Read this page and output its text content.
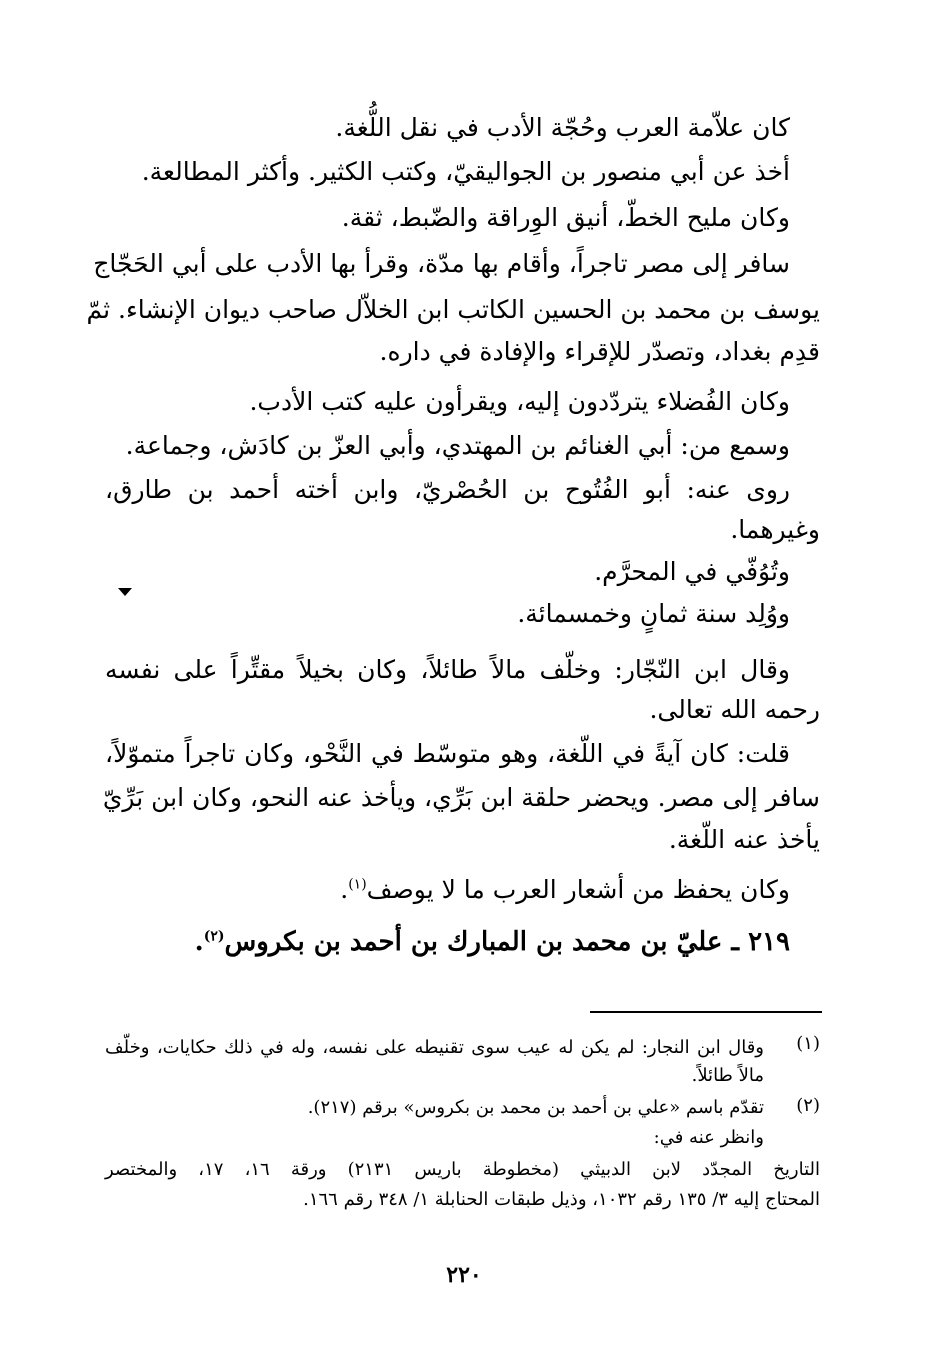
كان علاّمة العرب وحُجّة الأدب في نقل اللُّغة.
أخذ عن أبي منصور بن الجواليقيّ، وكتب الكثير. وأكثر المطالعة.
وكان مليح الخطّ، أنيق الوِراقة والضّبط، ثقة.
سافر إلى مصر تاجراً، وأقام بها مدّة، وقرأ بها الأدب على أبي الحَجّاج
يوسف بن محمد بن الحسين الكاتب ابن الخلاّل صاحب ديوان الإنشاء. ثمّ
قدِم بغداد، وتصدّر للإقراء والإفادة في داره.
وكان الفُضلاء يتردّدون إليه، ويقرأون عليه كتب الأدب.
وسمع من: أبي الغنائم بن المهتدي، وأبي العزّ بن كادَش، وجماعة.
روى عنه: أبو الفُتُوح بن الحُصْريّ، وابن أخته أحمد بن طارق،
وغيرهما.
وتُوُفّي في المحرَّم.
ووُلِد سنة ثمانٍ وخمسمائة.
وقال ابن النّجّار: وخلّف مالاً طائلاً، وكان بخيلاً مقتِّراً على نفسه
رحمه الله تعالى.
قلت: كان آيةً في اللّغة، وهو متوسّط في النَّحْو، وكان تاجراً متموّلاً،
سافر إلى مصر. ويحضر حلقة ابن بَرِّي، ويأخذ عنه النحو، وكان ابن بَرِّيّ
يأخذ عنه اللّغة.
وكان يحفظ من أشعار العرب ما لا يوصف$^{(١)}$.
٢١٩ ـ عليّ بن محمد بن المبارك بن أحمد بن بكروس$^{(٢)}$.
(١)
وقال ابن النجار: لم يكن له عيب سوى تقنيطه على نفسه، وله في ذلك حكايات، وخلّف
مالاً طائلاً.
(٢)
تقدّم باسم «علي بن أحمد بن محمد بن بكروس» برقم (٢١٧).
وانظر عنه في:
التاريخ المجدّد لابن الدبيثي (مخطوطة باريس ٢١٣١) ورقة ١٦، ١٧، والمختصر
المحتاج إليه ٣/ ١٣٥ رقم ١٠٣٢، وذيل طبقات الحنابلة ١/ ٣٤٨ رقم ١٦٦.
٢٢٠
